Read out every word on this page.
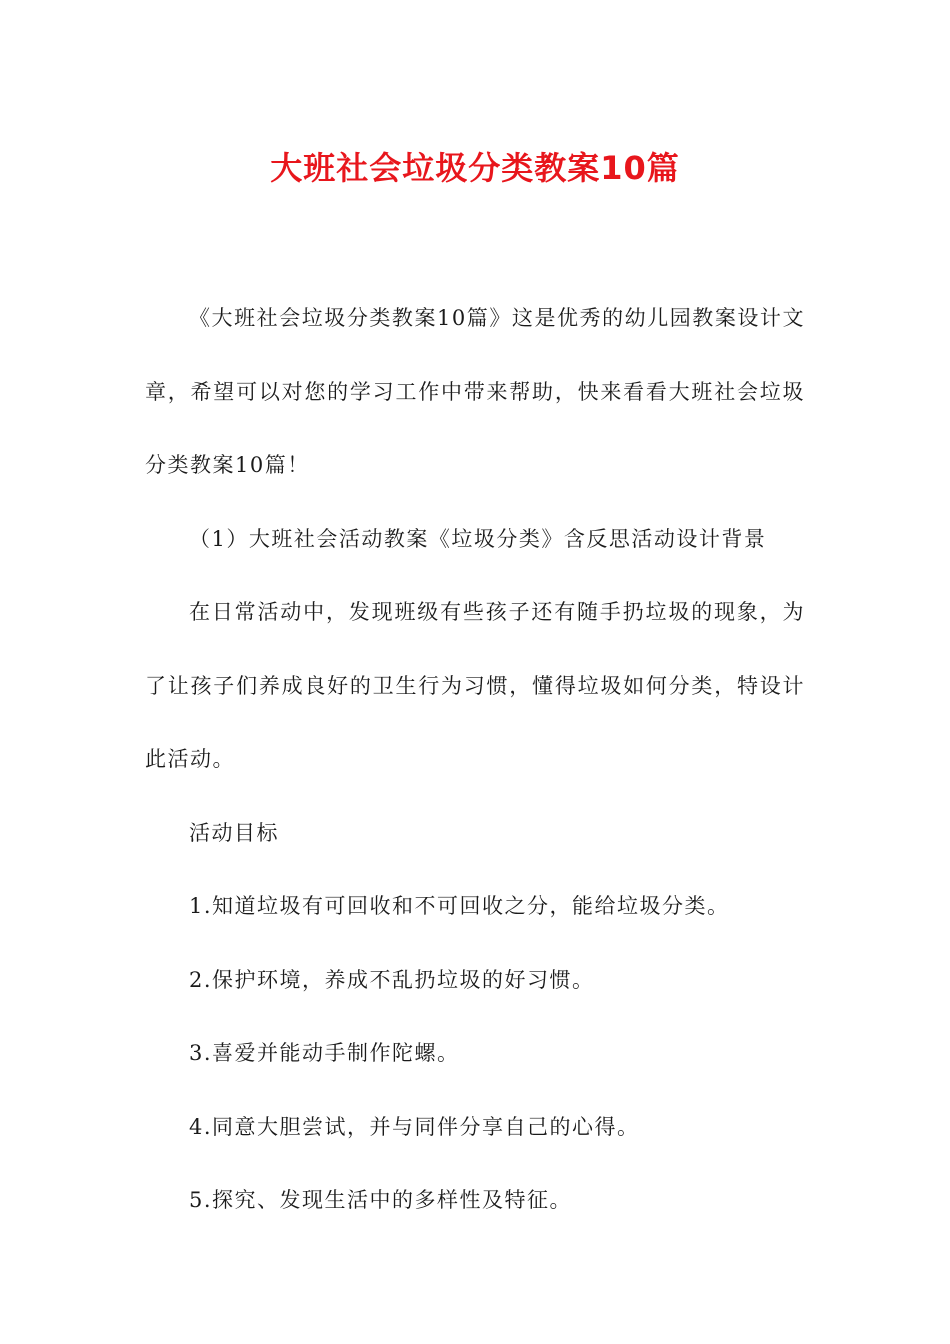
大班社会垃圾分类教案10篇

《大班社会垃圾分类教案10篇》这是优秀的幼儿园教案设计文章，希望可以对您的学习工作中带来帮助，快来看看大班社会垃圾分类教案10篇！

（1）大班社会活动教案《垃圾分类》含反思活动设计背景

在日常活动中，发现班级有些孩子还有随手扔垃圾的现象，为了让孩子们养成良好的卫生行为习惯，懂得垃圾如何分类，特设计此活动。

活动目标

1.知道垃圾有可回收和不可回收之分，能给垃圾分类。

2.保护环境，养成不乱扔垃圾的好习惯。

3.喜爱并能动手制作陀螺。

4.同意大胆尝试，并与同伴分享自己的心得。

5.探究、发现生活中的多样性及特征。
